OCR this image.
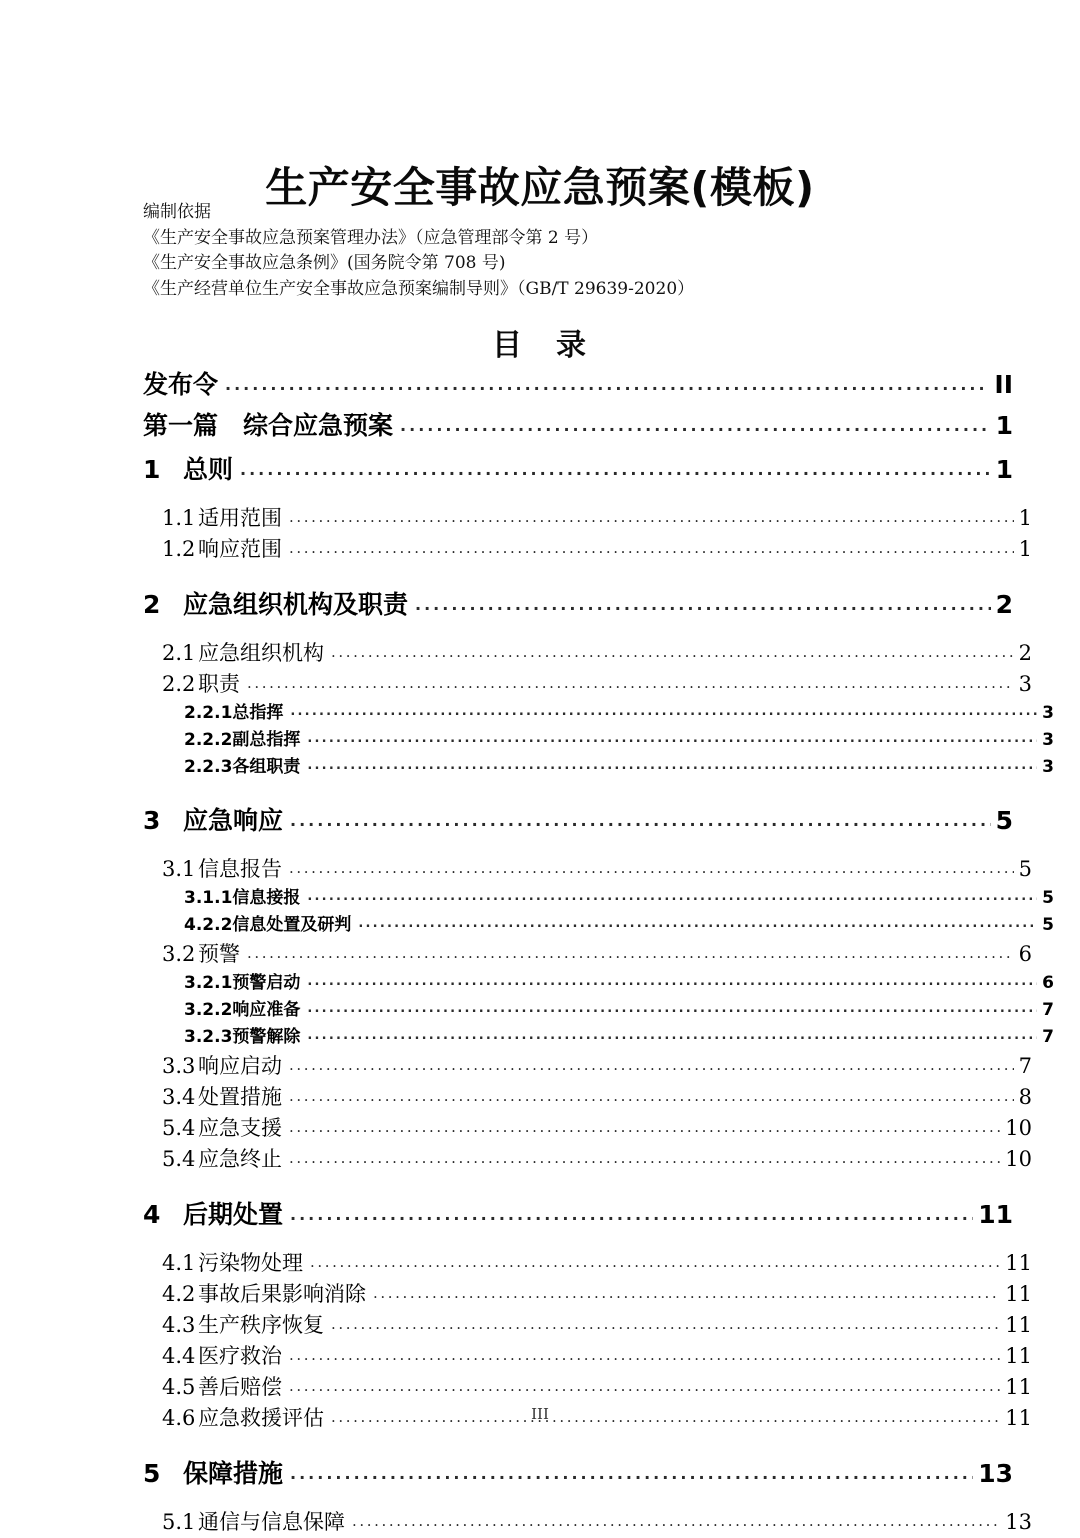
生产安全事故应急预案(模板)
编制依据
《生产安全事故应急预案管理办法》（应急管理部令第 2 号）
《生产安全事故应急条例》(国务院令第 708 号)
《生产经营单位生产安全事故应急预案编制导则》（GB/T 29639-2020）
目　录
发布令 .....	II
第一篇  综合应急预案 .....	1
1 总则 .....	1
1.1 适用范围 .....	1
1.2 响应范围 .....	1
2 应急组织机构及职责 .....	2
2.1 应急组织机构 .....	2
2.2 职责 .....	3
2.2.1总指挥 .....	3
2.2.2副总指挥 .....	3
2.2.3各组职责 .....	3
3 应急响应 .....	5
3.1 信息报告 .....	5
3.1.1信息接报 .....	5
4.2.2信息处置及研判 .....	5
3.2 预警 .....	6
3.2.1预警启动 .....	6
3.2.2响应准备 .....	7
3.2.3预警解除 .....	7
3.3 响应启动 .....	7
3.4 处置措施 .....	8
5.4 应急支援 .....	10
5.4 应急终止 .....	10
4 后期处置 .....	11
4.1 污染物处理 .....	11
4.2 事故后果影响消除 .....	11
4.3 生产秩序恢复 .....	11
4.4 医疗救治 .....	11
4.5 善后赔偿 .....	11
4.6 应急救援评估 .....	11
5 保障措施 .....	13
5.1 通信与信息保障 .....	13
III
